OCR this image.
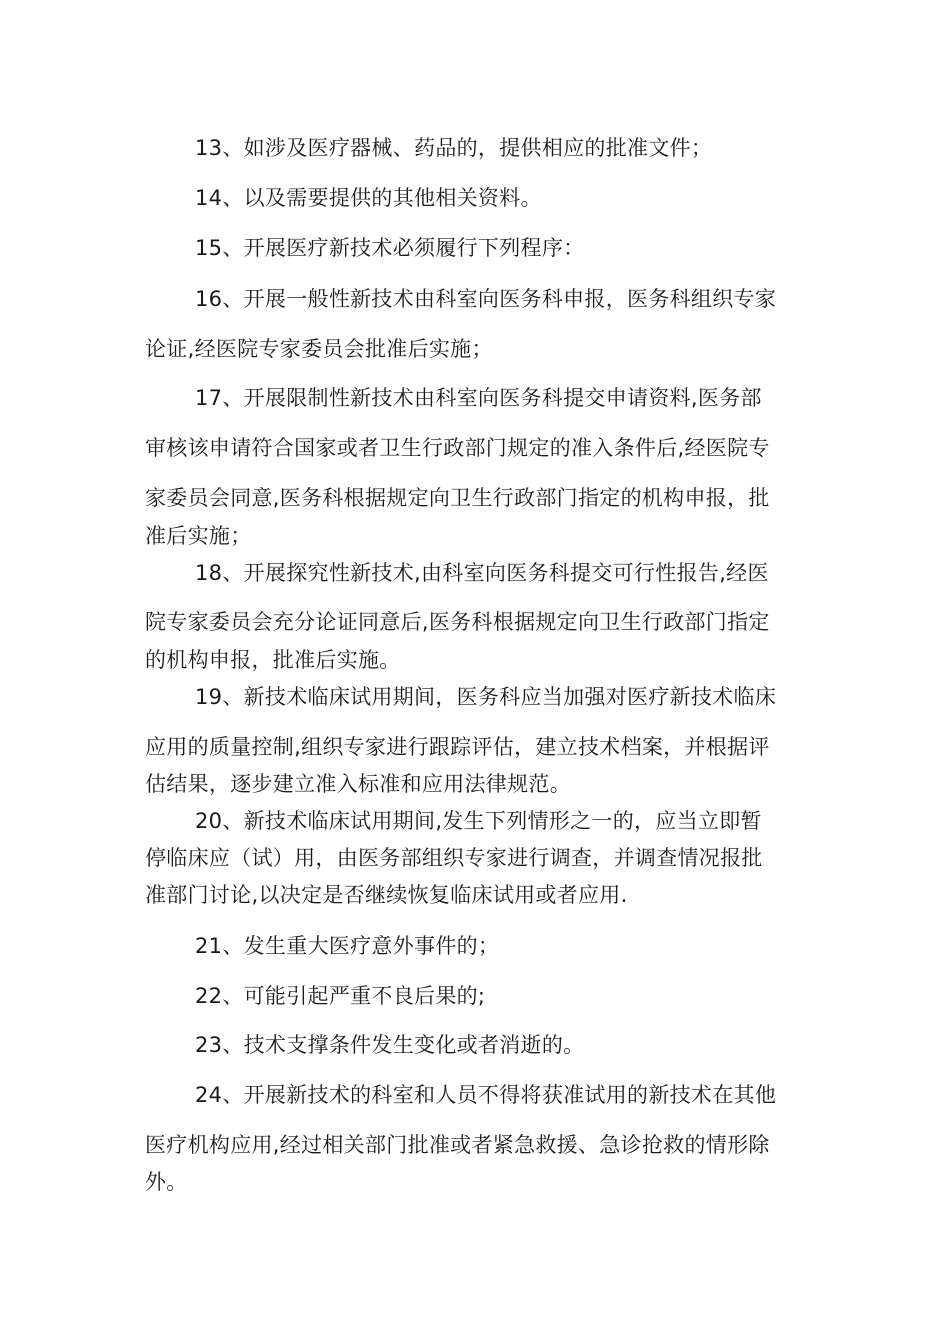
13、如涉及医疗器械、药品的，提供相应的批准文件；
14、以及需要提供的其他相关资料。
15、开展医疗新技术必须履行下列程序：
16、开展一般性新技术由科室向医务科申报，医务科组织专家
论证,经医院专家委员会批准后实施；
17、开展限制性新技术由科室向医务科提交申请资料,医务部
审核该申请符合国家或者卫生行政部门规定的准入条件后,经医院专
家委员会同意,医务科根据规定向卫生行政部门指定的机构申报，批
准后实施；
18、开展探究性新技术,由科室向医务科提交可行性报告,经医
院专家委员会充分论证同意后,医务科根据规定向卫生行政部门指定
的机构申报，批准后实施。
19、新技术临床试用期间，医务科应当加强对医疗新技术临床
应用的质量控制,组织专家进行跟踪评估，建立技术档案，并根据评
估结果，逐步建立准入标准和应用法律规范。
20、新技术临床试用期间,发生下列情形之一的，应当立即暂
停临床应（试）用，由医务部组织专家进行调查，并调查情况报批
准部门讨论,以决定是否继续恢复临床试用或者应用.
21、发生重大医疗意外事件的；
22、可能引起严重不良后果的;
23、技术支撑条件发生变化或者消逝的。
24、开展新技术的科室和人员不得将获准试用的新技术在其他
医疗机构应用,经过相关部门批准或者紧急救援、急诊抢救的情形除
外。
